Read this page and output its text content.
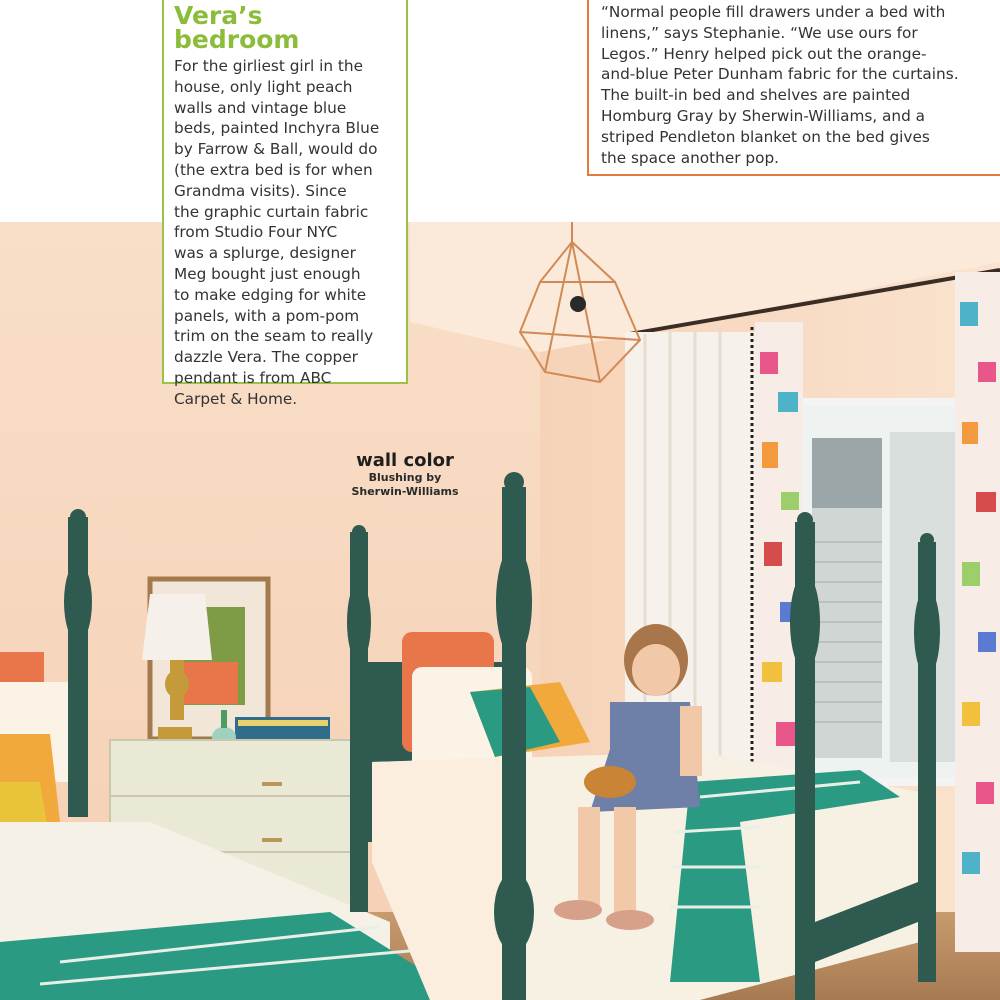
Vera’s bedroom

For the girliest girl in the
house, only light peach
walls and vintage blue
beds, painted Inchyra Blue
by Farrow & Ball, would do
(the extra bed is for when
Grandma visits). Since
the graphic curtain fabric
from Studio Four NYC
was a splurge, designer
Meg bought just enough
to make edging for white
panels, with a pom-pom
trim on the seam to really
dazzle Vera. The copper
pendant is from ABC
Carpet & Home.

“Normal people fill drawers under a bed with
linens,” says Stephanie. “We use ours for
Legos.” Henry helped pick out the orange-
and-blue Peter Dunham fabric for the curtains.
The built-in bed and shelves are painted
Homburg Gray by Sherwin-Williams, and a
striped Pendleton blanket on the bed gives
the space another pop.

wall color
Blushing by
Sherwin-Williams
